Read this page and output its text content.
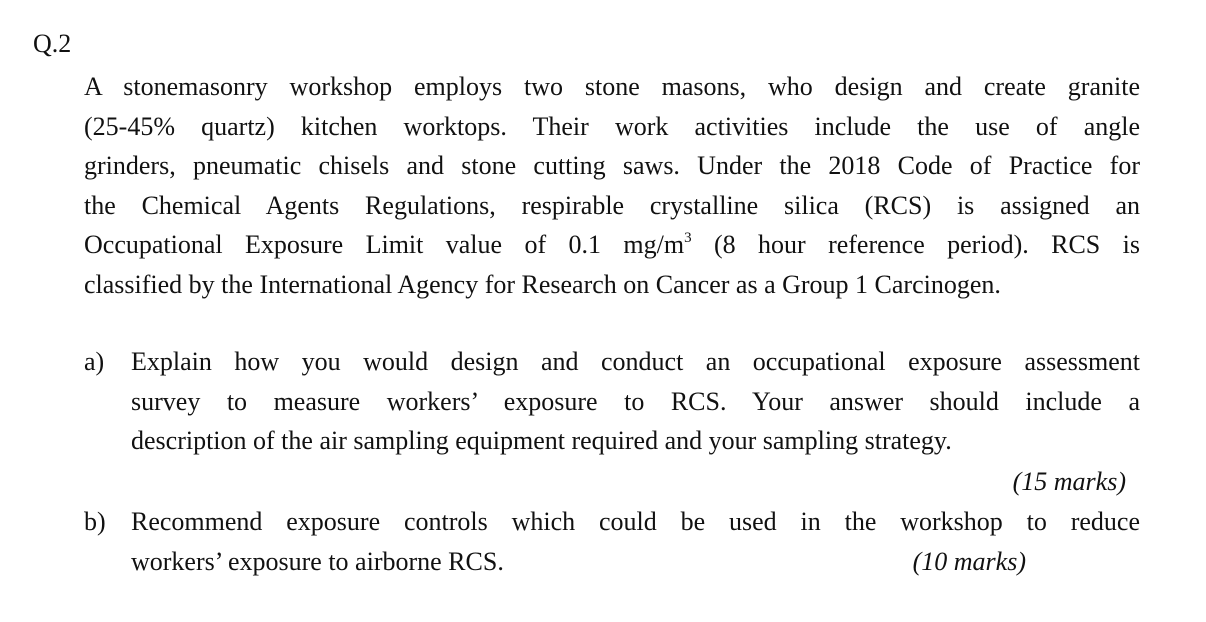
Q.2
A stonemasonry workshop employs two stone masons, who design and create granite
(25-45% quartz) kitchen worktops. Their work activities include the use of angle
grinders, pneumatic chisels and stone cutting saws. Under the 2018 Code of Practice for
the Chemical Agents Regulations, respirable crystalline silica (RCS) is assigned an
Occupational Exposure Limit value of 0.1 $mg/m^3$ (8 hour reference period). RCS is
classified by the International Agency for Research on Cancer as a Group 1 Carcinogen.
a) Explain how you would design and conduct an occupational exposure assessment
survey to measure workers’ exposure to RCS. Your answer should include a
description of the air sampling equipment required and your sampling strategy.
(15 marks)
b) Recommend exposure controls which could be used in the workshop to reduce
workers’ exposure to airborne RCS.	(10 marks)
